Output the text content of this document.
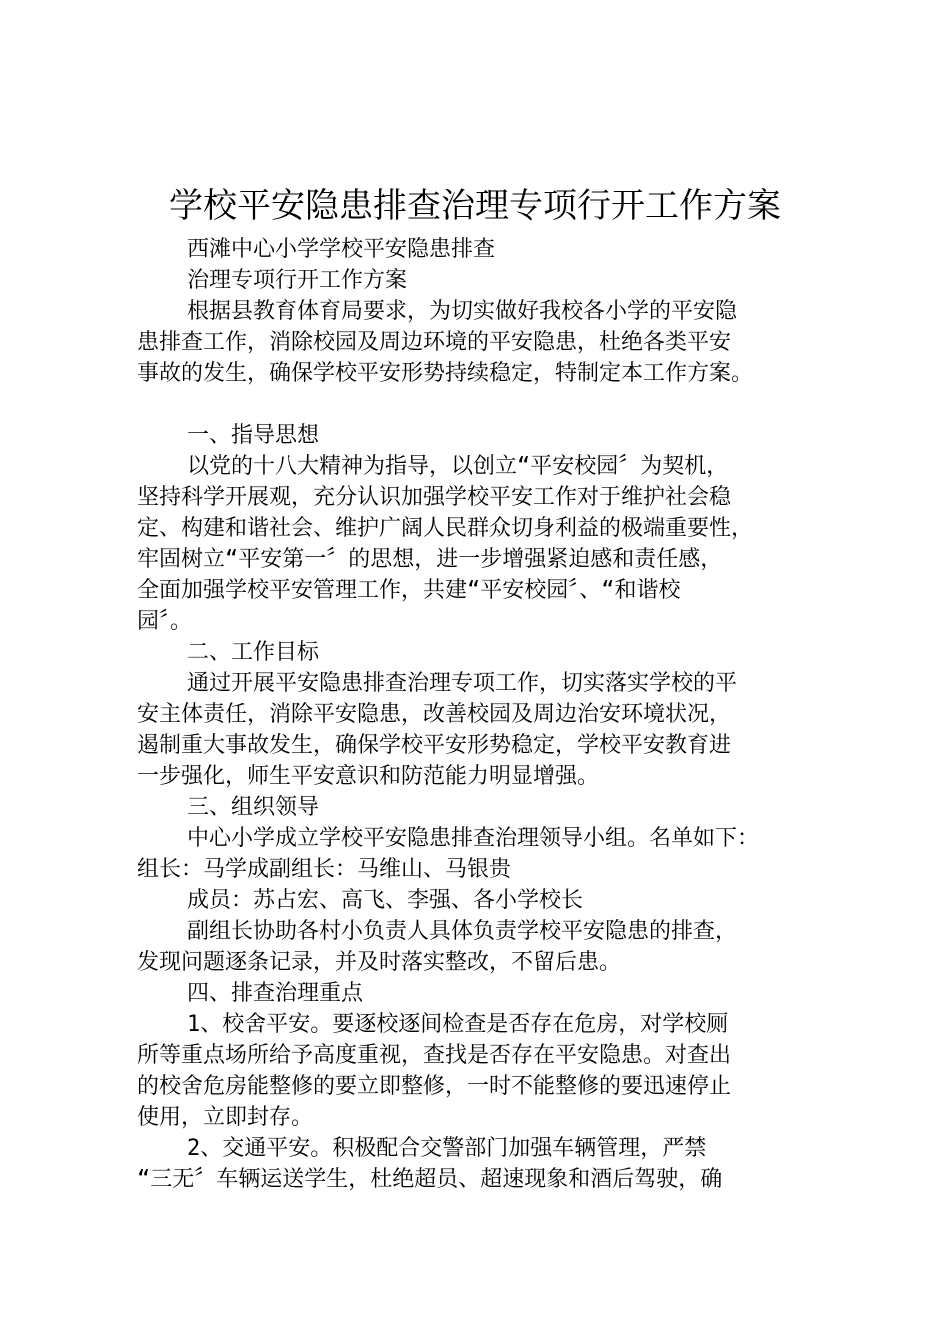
学校平安隐患排查治理专项行开工作方案
西滩中心小学学校平安隐患排查
治理专项行开工作方案
根据县教育体育局要求，为切实做好我校各小学的平安隐
患排查工作，消除校园及周边环境的平安隐患，杜绝各类平安
事故的发生，确保学校平安形势持续稳定，特制定本工作方案。
一、指导思想
以党的十八大精神为指导，以创立“平安校园〞为契机，
坚持科学开展观，充分认识加强学校平安工作对于维护社会稳
定、构建和谐社会、维护广阔人民群众切身利益的极端重要性，
牢固树立“平安第一〞的思想，进一步增强紧迫感和责任感，
全面加强学校平安管理工作，共建“平安校园〞、“和谐校
园〞。
二、工作目标
通过开展平安隐患排查治理专项工作，切实落实学校的平
安主体责任，消除平安隐患，改善校园及周边治安环境状况，
遏制重大事故发生，确保学校平安形势稳定，学校平安教育进
一步强化，师生平安意识和防范能力明显增强。
三、组织领导
中心小学成立学校平安隐患排查治理领导小组。名单如下：
组长：马学成副组长：马维山、马银贵
成员：苏占宏、高飞、李强、各小学校长
副组长协助各村小负责人具体负责学校平安隐患的排查，
发现问题逐条记录，并及时落实整改，不留后患。
四、排查治理重点
1、校舍平安。要逐校逐间检查是否存在危房，对学校厕
所等重点场所给予高度重视，查找是否存在平安隐患。对查出
的校舍危房能整修的要立即整修，一时不能整修的要迅速停止
使用，立即封存。
2、交通平安。积极配合交警部门加强车辆管理，严禁
“三无〞车辆运送学生，杜绝超员、超速现象和酒后驾驶，确
